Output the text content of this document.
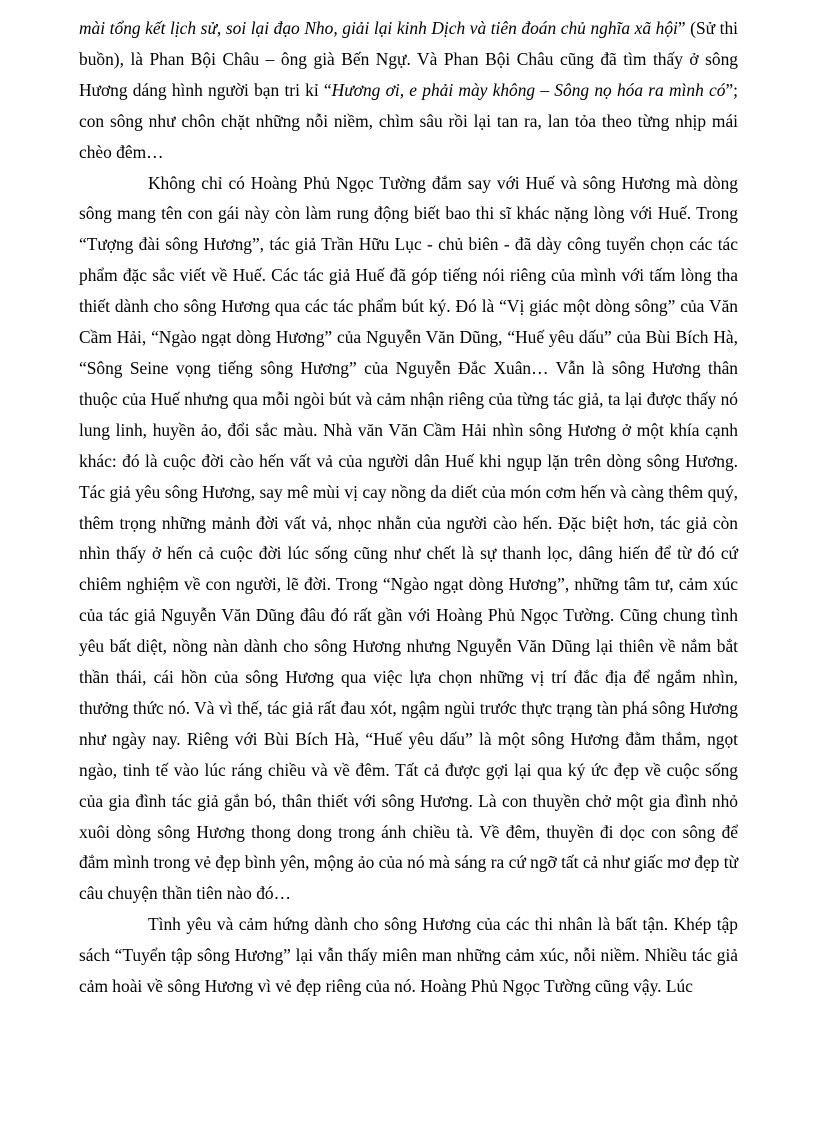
mài tổng kết lịch sử, soi lại đạo Nho, giải lại kinh Dịch và tiên đoán chủ nghĩa xã hội” (Sử thi buồn), là Phan Bội Châu – ông già Bến Ngự. Và Phan Bội Châu cũng đã tìm thấy ở sông Hương dáng hình người bạn tri kỉ “Hương ơi, e phải mày không – Sông nọ hóa ra mình có”; con sông như chôn chặt những nỗi niềm, chìm sâu rồi lại tan ra, lan tỏa theo từng nhịp mái chèo đêm…

Không chỉ có Hoàng Phủ Ngọc Tường đắm say với Huế và sông Hương mà dòng sông mang tên con gái này còn làm rung động biết bao thi sĩ khác nặng lòng với Huế. Trong “Tượng đài sông Hương”, tác giả Trần Hữu Lục - chủ biên - đã dày công tuyển chọn các tác phẩm đặc sắc viết về Huế. Các tác giả Huế đã góp tiếng nói riêng của mình với tấm lòng tha thiết dành cho sông Hương qua các tác phẩm bút ký. Đó là “Vị giác một dòng sông” của Văn Cầm Hải, “Ngào ngạt dòng Hương” của Nguyễn Văn Dũng, “Huế yêu dấu” của Bùi Bích Hà, “Sông Seine vọng tiếng sông Hương” của Nguyễn Đắc Xuân… Vẫn là sông Hương thân thuộc của Huế nhưng qua mỗi ngòi bút và cảm nhận riêng của từng tác giả, ta lại được thấy nó lung linh, huyền ảo, đổi sắc màu. Nhà văn Văn Cầm Hải nhìn sông Hương ở một khía cạnh khác: đó là cuộc đời cào hến vất vả của người dân Huế khi ngụp lặn trên dòng sông Hương. Tác giả yêu sông Hương, say mê mùi vị cay nồng da diết của món cơm hến và càng thêm quý, thêm trọng những mảnh đời vất vả, nhọc nhằn của người cào hến. Đặc biệt hơn, tác giả còn nhìn thấy ở hến cả cuộc đời lúc sống cũng như chết là sự thanh lọc, dâng hiến để từ đó cứ chiêm nghiệm về con người, lẽ đời. Trong “Ngào ngạt dòng Hương”, những tâm tư, cảm xúc của tác giả Nguyễn Văn Dũng đâu đó rất gần với Hoàng Phủ Ngọc Tường. Cũng chung tình yêu bất diệt, nồng nàn dành cho sông Hương nhưng Nguyễn Văn Dũng lại thiên về nắm bắt thần thái, cái hồn của sông Hương qua việc lựa chọn những vị trí đắc địa để ngắm nhìn, thưởng thức nó. Và vì thế, tác giả rất đau xót, ngậm ngùi trước thực trạng tàn phá sông Hương như ngày nay. Riêng với Bùi Bích Hà, “Huế yêu dấu” là một sông Hương đằm thắm, ngọt ngào, tinh tế vào lúc ráng chiều và về đêm. Tất cả được gợi lại qua ký ức đẹp về cuộc sống của gia đình tác giả gắn bó, thân thiết với sông Hương. Là con thuyền chở một gia đình nhỏ xuôi dòng sông Hương thong dong trong ánh chiều tà. Về đêm, thuyền đi dọc con sông để đắm mình trong vẻ đẹp bình yên, mộng ảo của nó mà sáng ra cứ ngỡ tất cả như giấc mơ đẹp từ câu chuyện thần tiên nào đó…

Tình yêu và cảm hứng dành cho sông Hương của các thi nhân là bất tận. Khép tập sách “Tuyển tập sông Hương” lại vẫn thấy miên man những cảm xúc, nỗi niềm. Nhiều tác giả cảm hoài về sông Hương vì vẻ đẹp riêng của nó. Hoàng Phủ Ngọc Tường cũng vậy. Lúc
